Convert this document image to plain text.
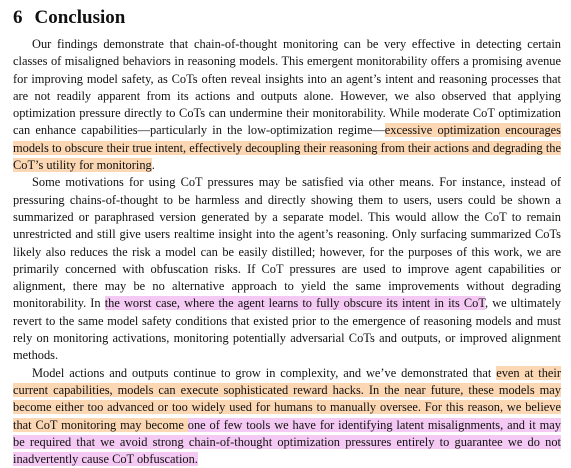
6 Conclusion

Our findings demonstrate that chain-of-thought monitoring can be very effective in detecting certain classes of misaligned behaviors in reasoning models. This emergent monitorability offers a promising avenue for improving model safety, as CoTs often reveal insights into an agent’s intent and reasoning processes that are not readily apparent from its actions and outputs alone. However, we also observed that applying optimization pressure directly to CoTs can undermine their monitorability. While moderate CoT optimization can enhance capabilities—particularly in the low-optimization regime—excessive optimization encourages models to obscure their true intent, effectively decoupling their reasoning from their actions and degrading the CoT’s utility for monitoring.

Some motivations for using CoT pressures may be satisfied via other means. For instance, instead of pressuring chains-of-thought to be harmless and directly showing them to users, users could be shown a summarized or paraphrased version generated by a separate model. This would allow the CoT to remain unrestricted and still give users realtime insight into the agent’s reasoning. Only surfacing summarized CoTs likely also reduces the risk a model can be easily distilled; however, for the purposes of this work, we are primarily concerned with obfuscation risks. If CoT pressures are used to improve agent capabilities or alignment, there may be no alternative approach to yield the same improvements without degrading monitorability. In the worst case, where the agent learns to fully obscure its intent in its CoT, we ultimately revert to the same model safety conditions that existed prior to the emergence of reasoning models and must rely on monitoring activations, monitoring potentially adversarial CoTs and outputs, or improved alignment methods.

Model actions and outputs continue to grow in complexity, and we’ve demonstrated that even at their current capabilities, models can execute sophisticated reward hacks. In the near future, these models may become either too advanced or too widely used for humans to manually oversee. For this reason, we believe that CoT monitoring may become one of few tools we have for identifying latent misalignments, and it may be required that we avoid strong chain-of-thought optimization pressures entirely to guarantee we do not inadvertently cause CoT obfuscation.
